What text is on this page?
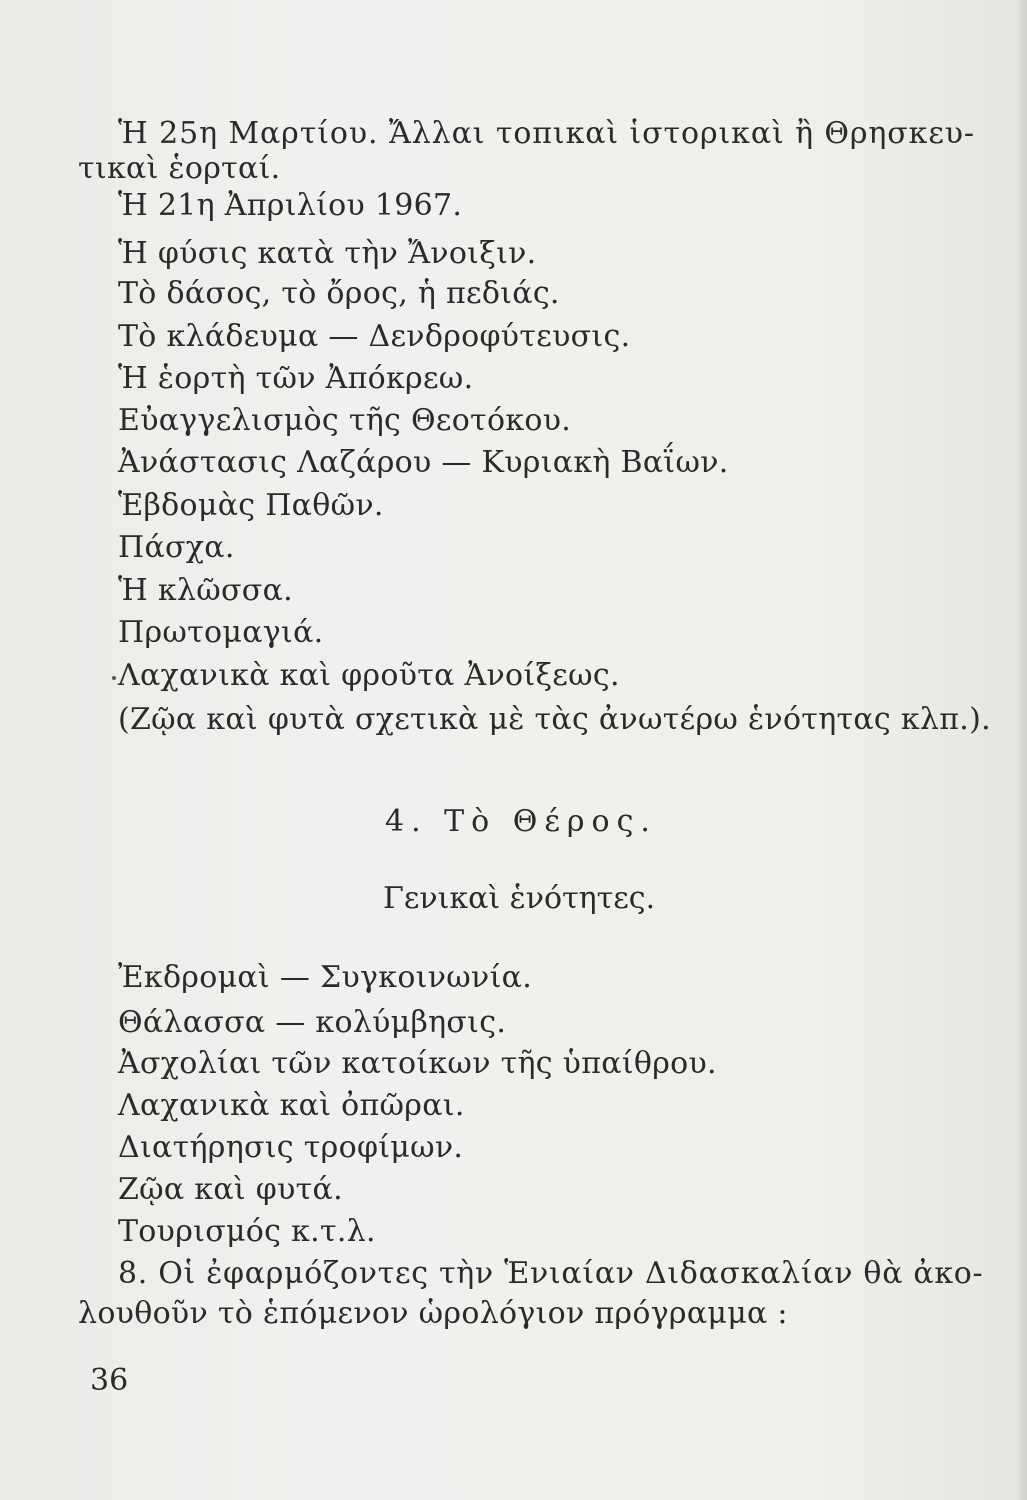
Ἡ 25η Μαρτίου. Ἄλλαι τοπικαὶ ἱστορικαὶ ἢ Θρησκευ-
τικαὶ ἑορταί.
Ἡ 21η Ἀπριλίου 1967.
Ἡ φύσις κατὰ τὴν Ἄνοιξιν.
Τὸ δάσος, τὸ ὄρος, ἡ πεδιάς.
Τὸ κλάδευμα — Δενδροφύτευσις.
Ἡ ἑορτὴ τῶν Ἀπόκρεω.
Εὐαγγελισμὸς τῆς Θεοτόκου.
Ἀνάστασις Λαζάρου — Κυριακὴ Βαΐων.
Ἑβδομὰς Παθῶν.
Πάσχα.
Ἡ κλῶσσα.
Πρωτομαγιά.
Λαχανικὰ καὶ φροῦτα Ἀνοίξεως.
(Ζῷα καὶ φυτὰ σχετικὰ μὲ τὰς ἀνωτέρω ἑνότητας κλπ.).
4. Τὸ Θέρος.
Γενικαὶ ἑνότητες.
Ἐκδρομαὶ — Συγκοινωνία.
Θάλασσα — κολύμβησις.
Ἀσχολίαι τῶν κατοίκων τῆς ὑπαίθρου.
Λαχανικὰ καὶ ὀπῶραι.
Διατήρησις τροφίμων.
Ζῷα καὶ φυτά.
Τουρισμός κ.τ.λ.
8. Οἱ ἐφαρμόζοντες τὴν Ἑνιαίαν Διδασκαλίαν θὰ ἀκο-
λουθοῦν τὸ ἑπόμενον ὡρολόγιον πρόγραμμα :
36
